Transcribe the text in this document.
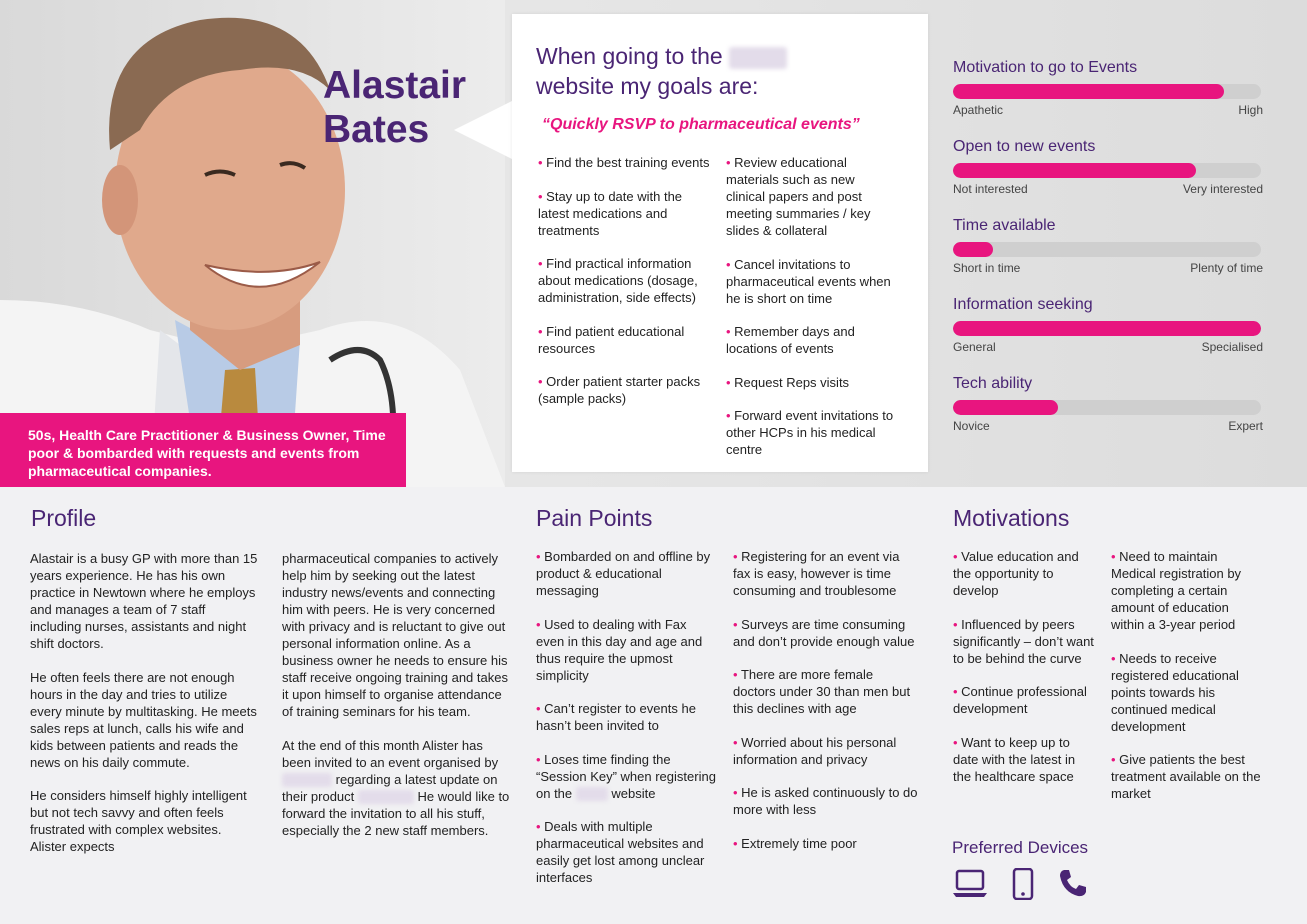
Alastair Bates
50s, Health Care Practitioner & Business Owner, Time poor & bombarded with requests and events from pharmaceutical companies.
When going to the
website my goals are:
“Quickly RSVP to pharmaceutical events”
• Find the best training events
• Stay up to date with the latest medications and treatments
• Find practical information about medications (dosage, administration, side effects)
• Find patient educational resources
• Order patient starter packs (sample packs)
• Review educational materials such as new clinical papers and post meeting summaries / key slides & collateral
• Cancel invitations to pharmaceutical events when he is short on time
• Remember days and locations of events
• Request Reps visits
• Forward event invitations to other HCPs in his medical centre
Motivation to go to Events
Apathetic	High
Open to new events
Not interested	Very interested
Time available
Short in time	Plenty of time
Information seeking
General	Specialised
Tech ability
Novice	Expert
Profile

Alastair is a busy GP with more than 15 years experience. He has his own practice in Newtown where he employs and manages a team of 7 staff including nurses, assistants and night shift doctors.

He often feels there are not enough hours in the day and tries to utilize every minute by multitasking. He meets sales reps at lunch, calls his wife and kids between patients and reads the news on his daily commute.

He considers himself highly intelligent but not tech savvy and often feels frustrated with complex websites. Alister expects

pharmaceutical companies to actively help him by seeking out the latest industry news/events and connecting him with peers. He is very concerned with privacy and is reluctant to give out personal information online. As a business owner he needs to ensure his staff receive ongoing training and takes it upon himself to organise attendance of training seminars for his team.

At the end of this month Alister has been invited to an event organised by  regarding a latest update on their product	He would like to forward the invitation to all his stuff, especially the 2 new staff members.

Pain Points
• Bombarded on and offline by product & educational messaging
• Used to dealing with Fax even in this day and age and thus require the upmost simplicity
• Can’t register to events he hasn’t been invited to
• Loses time finding the “Session Key” when registering on the	website
• Deals with multiple pharmaceutical websites and easily get lost among unclear interfaces
• Registering for an event via fax is easy, however is time consuming and troublesome
• Surveys are time consuming and don’t provide enough value
• There are more female doctors under 30 than men but this declines with age
• Worried about his personal information and privacy
• He is asked continuously to do more with less
• Extremely time poor
Motivations
• Value education and the opportunity to develop
• Influenced by peers significantly – don’t want to be behind the curve
• Continue professional development
• Want to keep up to date with the latest in the healthcare space
• Need to maintain Medical registration by completing a certain amount of education within a 3-year period
• Needs to receive registered educational points towards his continued medical development
• Give patients the best treatment available on the market
Preferred Devices
